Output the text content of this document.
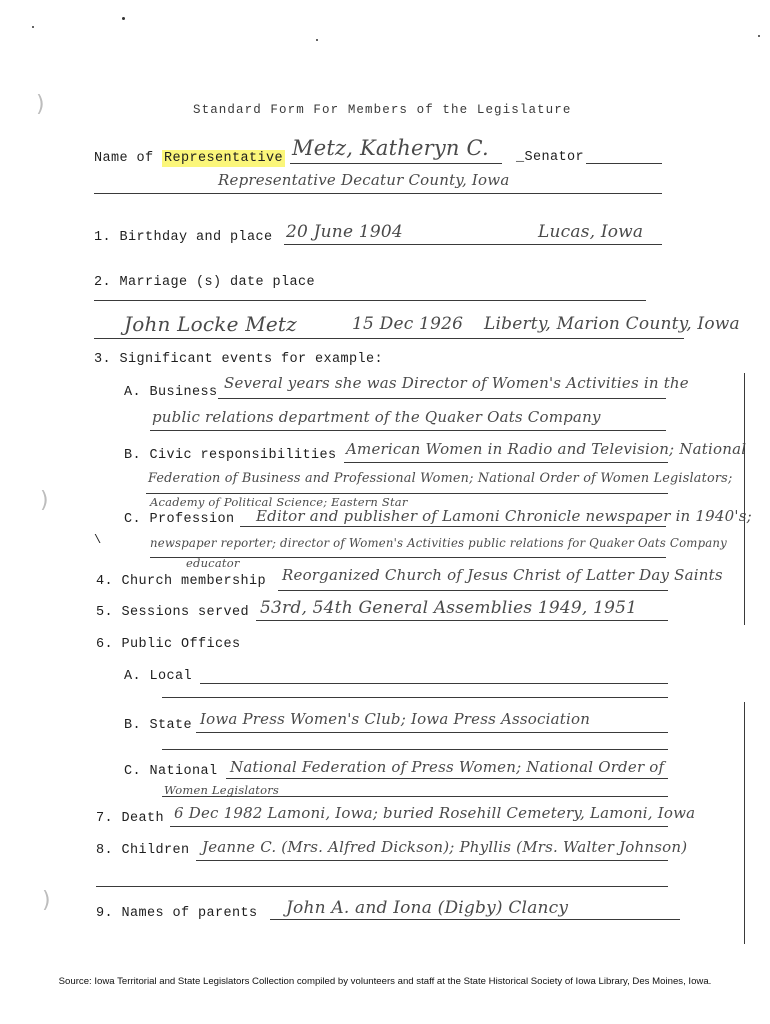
)
)
)
\
Standard Form For Members of the Legislature
Name of Representative Metz, Katheryn C. _Senator
Representative Decatur County, Iowa
1. Birthday and place 20 June 1904	Lucas, Iowa
2. Marriage (s) date place
John Locke Metz	15 Dec 1926 Liberty, Marion County, Iowa
3. Significant events for example:
A. Business
Several years she was Director of Women's Activities in the
public relations department of the Quaker Oats Company
B. Civic responsibilities American Women in Radio and Television; National
Federation of Business and Professional Women; National Order of Women Legislators;
Academy of Political Science; Eastern Star
C. Profession Editor and publisher of Lamoni Chronicle newspaper in 1940's;
newspaper reporter; director of Women's Activities public relations for Quaker Oats Company
educator
4. Church membership Reorganized Church of Jesus Christ of Latter Day Saints
5. Sessions served 53rd, 54th General Assemblies 1949, 1951
6. Public Offices
A. Local
B. State Iowa Press Women's Club; Iowa Press Association
C. National National Federation of Press Women; National Order of
Women Legislators
7. Death 6 Dec 1982 Lamoni, Iowa; buried Rosehill Cemetery, Lamoni, Iowa
8. Children Jeanne C. (Mrs. Alfred Dickson); Phyllis (Mrs. Walter Johnson)
9. Names of parents John A. and Iona (Digby) Clancy
Source: Iowa Territorial and State Legislators Collection compiled by volunteers and staff at the State Historical Society of Iowa Library, Des Moines, Iowa.
